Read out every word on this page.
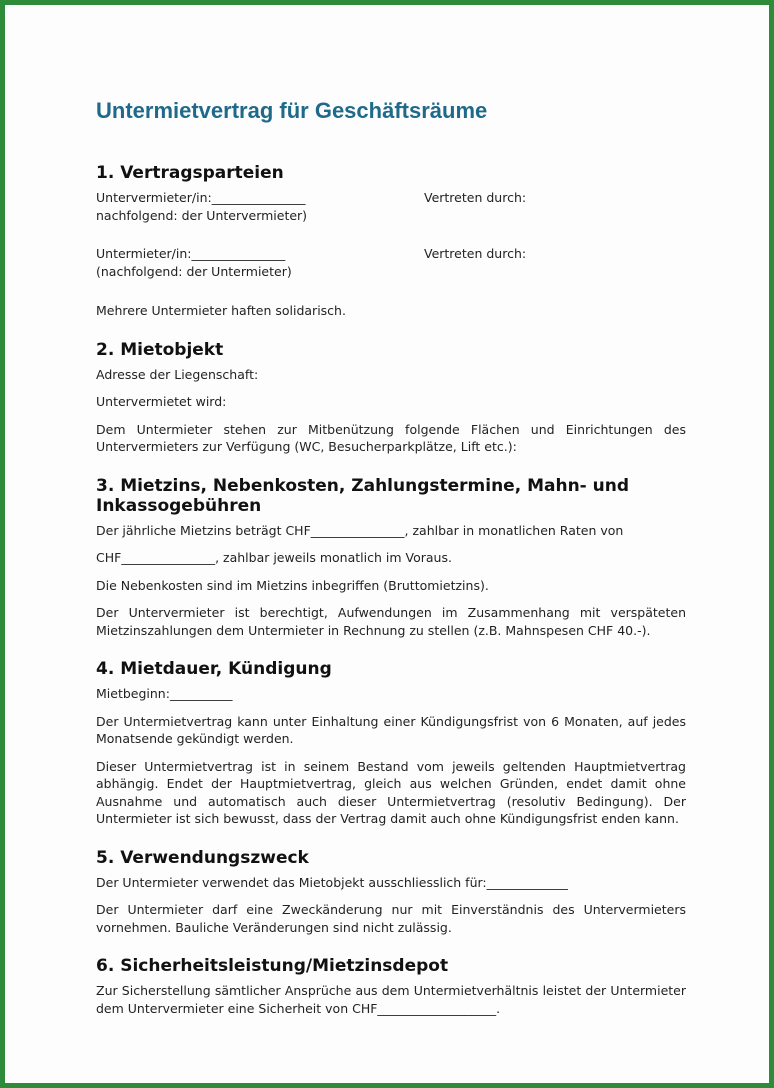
Untermietvertrag für Geschäftsräume
1. Vertragsparteien
Untervermieter/in:_______________
nachfolgend: der Untervermieter)
Vertreten durch:
Untermieter/in:_______________
(nachfolgend: der Untermieter)
Vertreten durch:

Mehrere Untermieter haften solidarisch.

2. Mietobjekt

Adresse der Liegenschaft:

Untervermietet wird:

Dem Untermieter stehen zur Mitbenützung folgende Flächen und Einrichtungen des Untervermieters zur Verfügung (WC, Besucherparkplätze, Lift etc.):

3. Mietzins, Nebenkosten, Zahlungstermine, Mahn- und Inkassogebühren

Der jährliche Mietzins beträgt CHF_______________, zahlbar in monatlichen Raten von

CHF_______________, zahlbar jeweils monatlich im Voraus.

Die Nebenkosten sind im Mietzins inbegriffen (Bruttomietzins).

Der Untervermieter ist berechtigt, Aufwendungen im Zusammenhang mit verspäteten Mietzinszahlungen dem Untermieter in Rechnung zu stellen (z.B. Mahnspesen CHF 40.-).

4. Mietdauer, Kündigung

Mietbeginn:__________

Der Untermietvertrag kann unter Einhaltung einer Kündigungsfrist von 6 Monaten, auf jedes Monatsende gekündigt werden.

Dieser Untermietvertrag ist in seinem Bestand vom jeweils geltenden Hauptmietvertrag abhängig. Endet der Hauptmietvertrag, gleich aus welchen Gründen, endet damit ohne Ausnahme und automatisch auch dieser Untermietvertrag (resolutiv Bedingung). Der Untermieter ist sich bewusst, dass der Vertrag damit auch ohne Kündigungsfrist enden kann.

5. Verwendungszweck

Der Untermieter verwendet das Mietobjekt ausschliesslich für:_____________

Der Untermieter darf eine Zweckänderung nur mit Einverständnis des Untervermieters vornehmen. Bauliche Veränderungen sind nicht zulässig.

6. Sicherheitsleistung/Mietzinsdepot

Zur Sicherstellung sämtlicher Ansprüche aus dem Untermietverhältnis leistet der Untermieter dem Untervermieter eine Sicherheit von CHF___________________.
